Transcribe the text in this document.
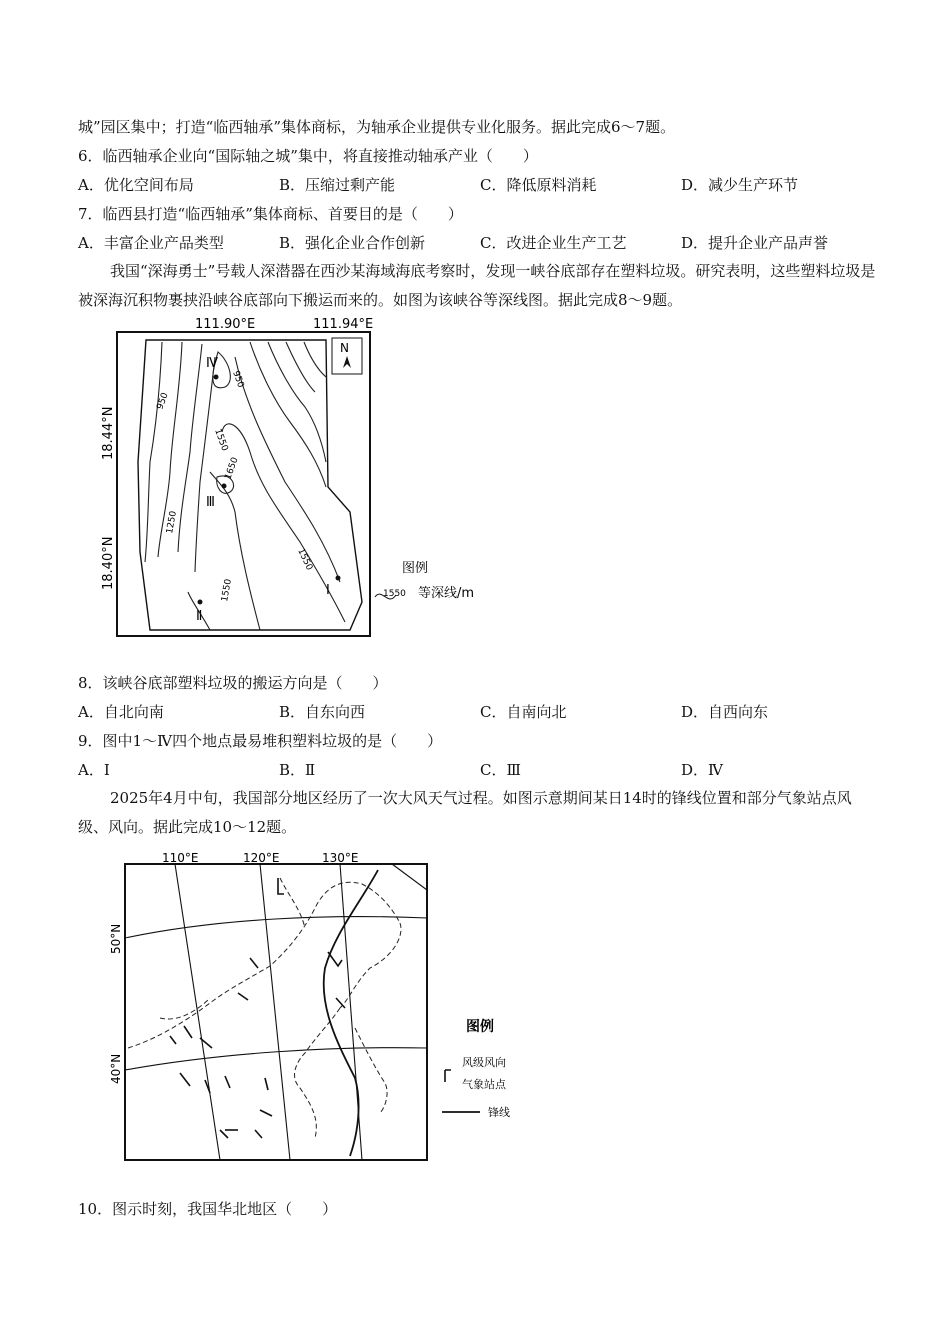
城”园区集中；打造“临西轴承”集体商标，为轴承企业提供专业化服务。据此完成6～7题。
6．临西轴承企业向“国际轴之城”集中，将直接推动轴承产业（　　）
A．优化空间布局	B．压缩过剩产能	C．降低原料消耗	D．减少生产环节
7．临西县打造“临西轴承”集体商标、首要目的是（　　）
A．丰富企业产品类型	B．强化企业合作创新	C．改进企业生产工艺	D．提升企业产品声誉
我国“深海勇士”号载人深潜器在西沙某海域海底考察时，发现一峡谷底部存在塑料垃圾。研究表明，这些塑料垃圾是被深海沉积物裹挟沿峡谷底部向下搬运而来的。如图为该峡谷等深线图。据此完成8～9题。
111.90°E	111.94°E
18.44°N
18.40°N
950
950
1550
1650
1250
1550
1550
Ⅳ
Ⅲ
Ⅱ
Ⅰ
N
图例
1550 等深线/m
8．该峡谷底部塑料垃圾的搬运方向是（　　）
A．自北向南	B．自东向西	C．自南向北	D．自西向东
9．图中1～Ⅳ四个地点最易堆积塑料垃圾的是（　　）
A．Ⅰ	B．Ⅱ	C．Ⅲ	D．Ⅳ
2025年4月中旬，我国部分地区经历了一次大风天气过程。如图示意期间某日14时的锋线位置和部分气象站点风级、风向。据此完成10～12题。
110°E	120°E	130°E
50°N
40°N
图例
风级风向
气象站点
锋线
10．图示时刻，我国华北地区（　　）
